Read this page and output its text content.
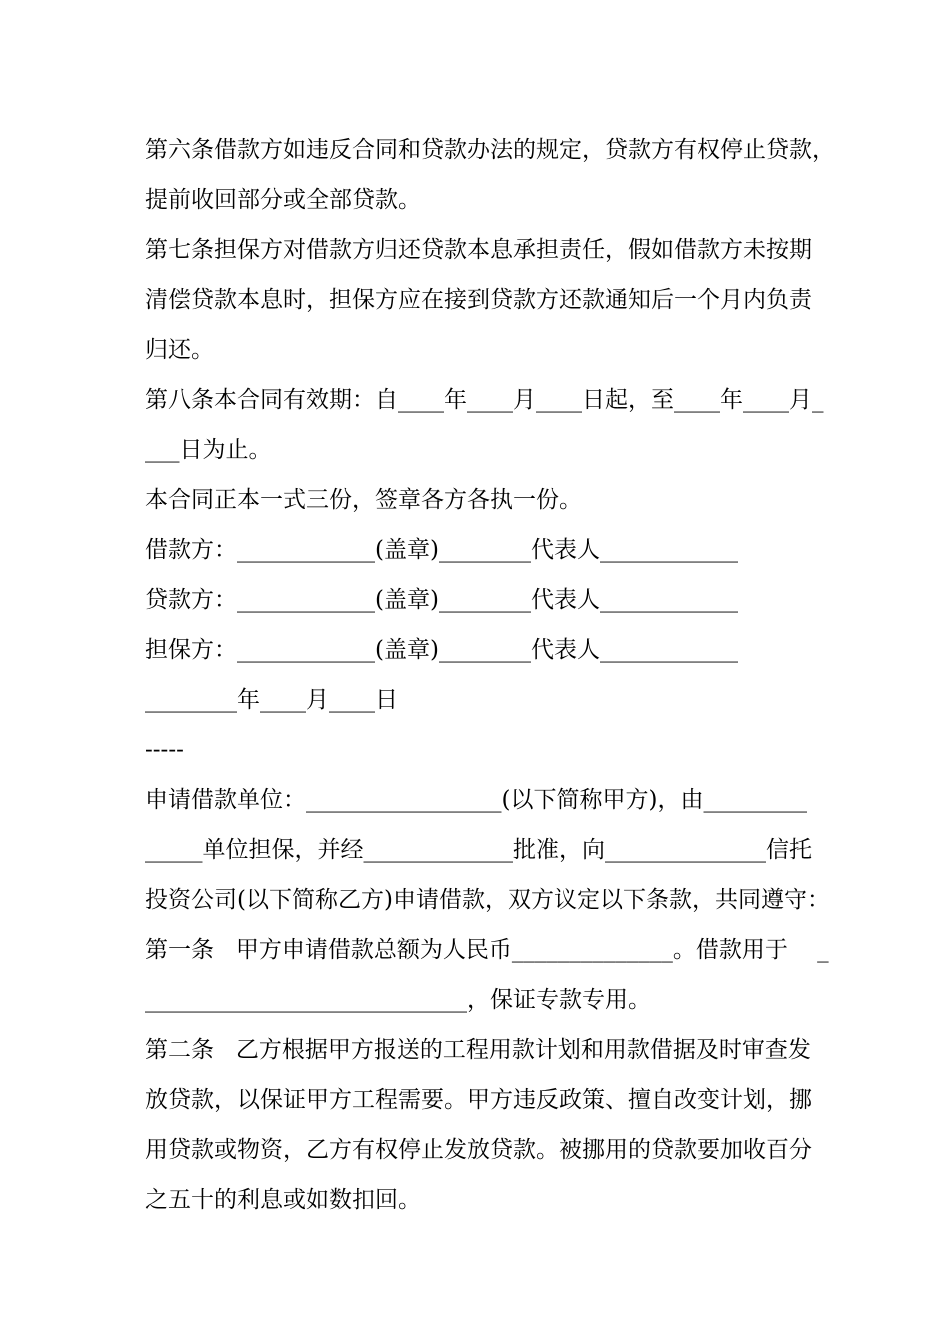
第六条借款方如违反合同和贷款办法的规定，贷款方有权停止贷款，
提前收回部分或全部贷款。
第七条担保方对借款方归还贷款本息承担责任，假如借款方未按期
清偿贷款本息时，担保方应在接到贷款方还款通知后一个月内负责
归还。
第八条本合同有效期：自____年____月____日起，至____年____月_
___日为止。
本合同正本一式三份，签章各方各执一份。
借款方：____________(盖章)________代表人____________
贷款方：____________(盖章)________代表人____________
担保方：____________(盖章)________代表人____________
________年____月____日
-----
申请借款单位：_________________(以下简称甲方)，由_________
_____单位担保，并经_____________批准，向______________信托
投资公司(以下简称乙方)申请借款，双方议定以下条款，共同遵守：
第一条   甲方申请借款总额为人民币______________。借款用于    _
____________________________，保证专款专用。
第二条   乙方根据甲方报送的工程用款计划和用款借据及时审查发
放贷款，以保证甲方工程需要。甲方违反政策、擅自改变计划，挪
用贷款或物资，乙方有权停止发放贷款。被挪用的贷款要加收百分
之五十的利息或如数扣回。
